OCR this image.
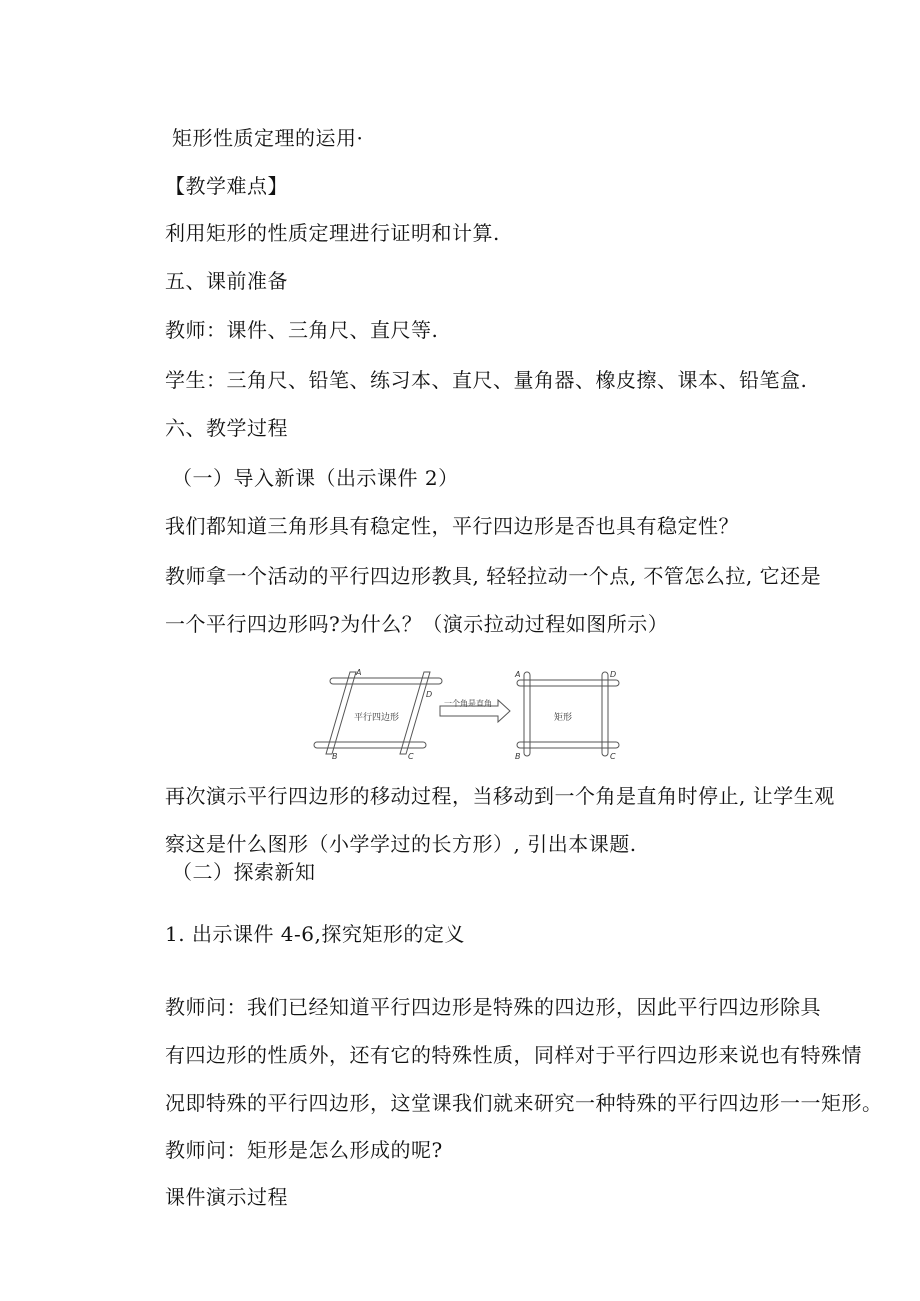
矩形性质定理的运用·
【教学难点】
利用矩形的性质定理进行证明和计算.
五、课前准备
教师：课件、三角尺、直尺等.
学生：三角尺、铅笔、练习本、直尺、量角器、橡皮擦、课本、铅笔盒.
六、教学过程
（一）导入新课（出示课件 2）
我们都知道三角形具有稳定性，平行四边形是否也具有稳定性？
教师拿一个活动的平行四边形教具, 轻轻拉动一个点, 不管怎么拉, 它还是
一个平行四边形吗?为什么？（演示拉动过程如图所示）
平行四边形
一个角是直角
矩形
A
B	C
D
A	D
B	C
再次演示平行四边形的移动过程，当移动到一个角是直角时停止, 让学生观
察这是什么图形（小学学过的长方形）, 引出本课题.
（二）探索新知
1. 出示课件 4-6,探究矩形的定义
教师问：我们已经知道平行四边形是特殊的四边形，因此平行四边形除具
有四边形的性质外，还有它的特殊性质，同样对于平行四边形来说也有特殊情
况即特殊的平行四边形，这堂课我们就来研究一种特殊的平行四边形一一矩形。
教师问：矩形是怎么形成的呢?
课件演示过程
